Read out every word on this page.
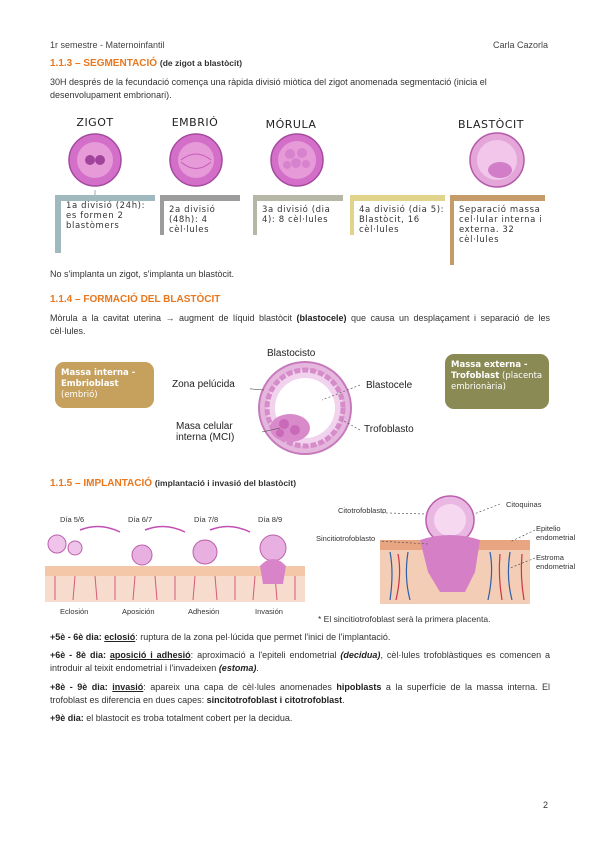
1r semestre - Maternoinfantil	Carla Cazorla
1.1.3 – SEGMENTACIÓ (de zigot a blastòcit)
30H després de la fecundació comença una ràpida divisió miòtica del zigot anomenada segmentació (inicia el desenvolupament embrionari).
ZIGOT	EMBRIÓ	MÓRULA	BLASTÒCIT
1a divisió (24h): es formen 2 blastòmers
2a divisió (48h): 4 cèl·lules
3a divisió (dia 4): 8 cèl·lules
4a divisió (dia 5): Blastòcit, 16 cèl·lules
Separació massa cel·lular interna i externa. 32 cèl·lules
No s'implanta un zigot, s'implanta un blastòcit.
1.1.4 – FORMACIÓ DEL BLASTÒCIT
Mòrula a la cavitat uterina → augment de líquid blastòcit (blastocele) que causa un desplaçament i separació de les cèl·lules.
Massa interna - Embrioblast (embrió)
Massa externa - Trofoblast (placenta embrionària)
Blastocisto
Zona pelúcida	Blastocele
Masa celular interna (MCI)
Trofoblasto
1.1.5 – IMPLANTACIÓ (implantació i invasió del blastòcit)
Día 5/6	Día 6/7	Día 7/8	Día 8/9
Eclosión	Aposición	Adhesión	Invasión
Citotrofoblasto
Sincitiotrofoblasto
Citoquinas
Epitelio endometrial
Estroma endometrial
* El sincitiotrofoblast serà la primera placenta.
+5è - 6è dia: eclosió: ruptura de la zona pel·lúcida que permet l'inici de l'implantació.
+6è - 8è dia: aposició i adhesió: aproximació a l'epiteli endometrial (decidua), cèl·lules trofoblàstiques es comencen a introduir al teixit endometrial i l'invadeixen (estoma).
+8è - 9è dia: invasió: apareix una capa de cèl·lules anomenades hipoblasts a la superfície de la massa interna. El trofoblast es diferencia en dues capes: sincitotrofoblast i citotrofoblast.
+9è dia: el blastocit es troba totalment cobert per la decidua.
2
